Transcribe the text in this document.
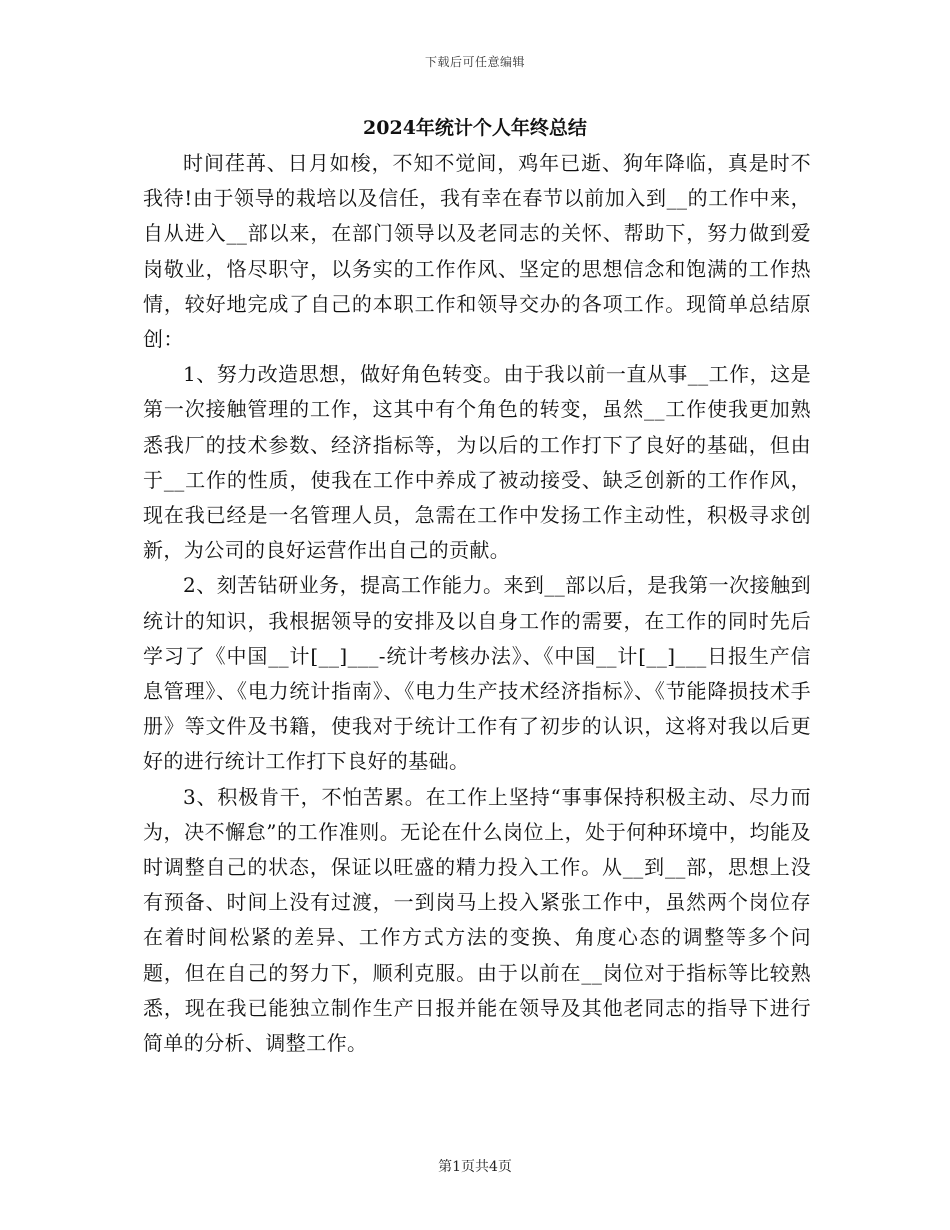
下载后可任意编辑
2024年统计个人年终总结

时间荏苒、日月如梭，不知不觉间，鸡年已逝、狗年降临，真是时不我待!由于领导的栽培以及信任，我有幸在春节以前加入到__的工作中来，自从进入__部以来，在部门领导以及老同志的关怀、帮助下，努力做到爱岗敬业，恪尽职守，以务实的工作作风、坚定的思想信念和饱满的工作热情，较好地完成了自己的本职工作和领导交办的各项工作。现简单总结原创：

1、努力改造思想，做好角色转变。由于我以前一直从事__工作，这是第一次接触管理的工作，这其中有个角色的转变，虽然__工作使我更加熟悉我厂的技术参数、经济指标等，为以后的工作打下了良好的基础，但由于__工作的性质，使我在工作中养成了被动接受、缺乏创新的工作作风，现在我已经是一名管理人员，急需在工作中发扬工作主动性，积极寻求创新，为公司的良好运营作出自己的贡献。

2、刻苦钻研业务，提高工作能力。来到__部以后，是我第一次接触到统计的知识，我根据领导的安排及以自身工作的需要，在工作的同时先后学习了《中国__计[__]___-统计考核办法》、《中国__计[__]___日报生产信息管理》、《电力统计指南》、《电力生产技术经济指标》、《节能降损技术手册》等文件及书籍，使我对于统计工作有了初步的认识，这将对我以后更好的进行统计工作打下良好的基础。

3、积极肯干，不怕苦累。在工作上坚持“事事保持积极主动、尽力而为，决不懈怠”的工作准则。无论在什么岗位上，处于何种环境中，均能及时调整自己的状态，保证以旺盛的精力投入工作。从__到__部，思想上没有预备、时间上没有过渡，一到岗马上投入紧张工作中，虽然两个岗位存在着时间松紧的差异、工作方式方法的变换、角度心态的调整等多个问题，但在自己的努力下，顺利克服。由于以前在__岗位对于指标等比较熟悉，现在我已能独立制作生产日报并能在领导及其他老同志的指导下进行简单的分析、调整工作。

第1页共4页
